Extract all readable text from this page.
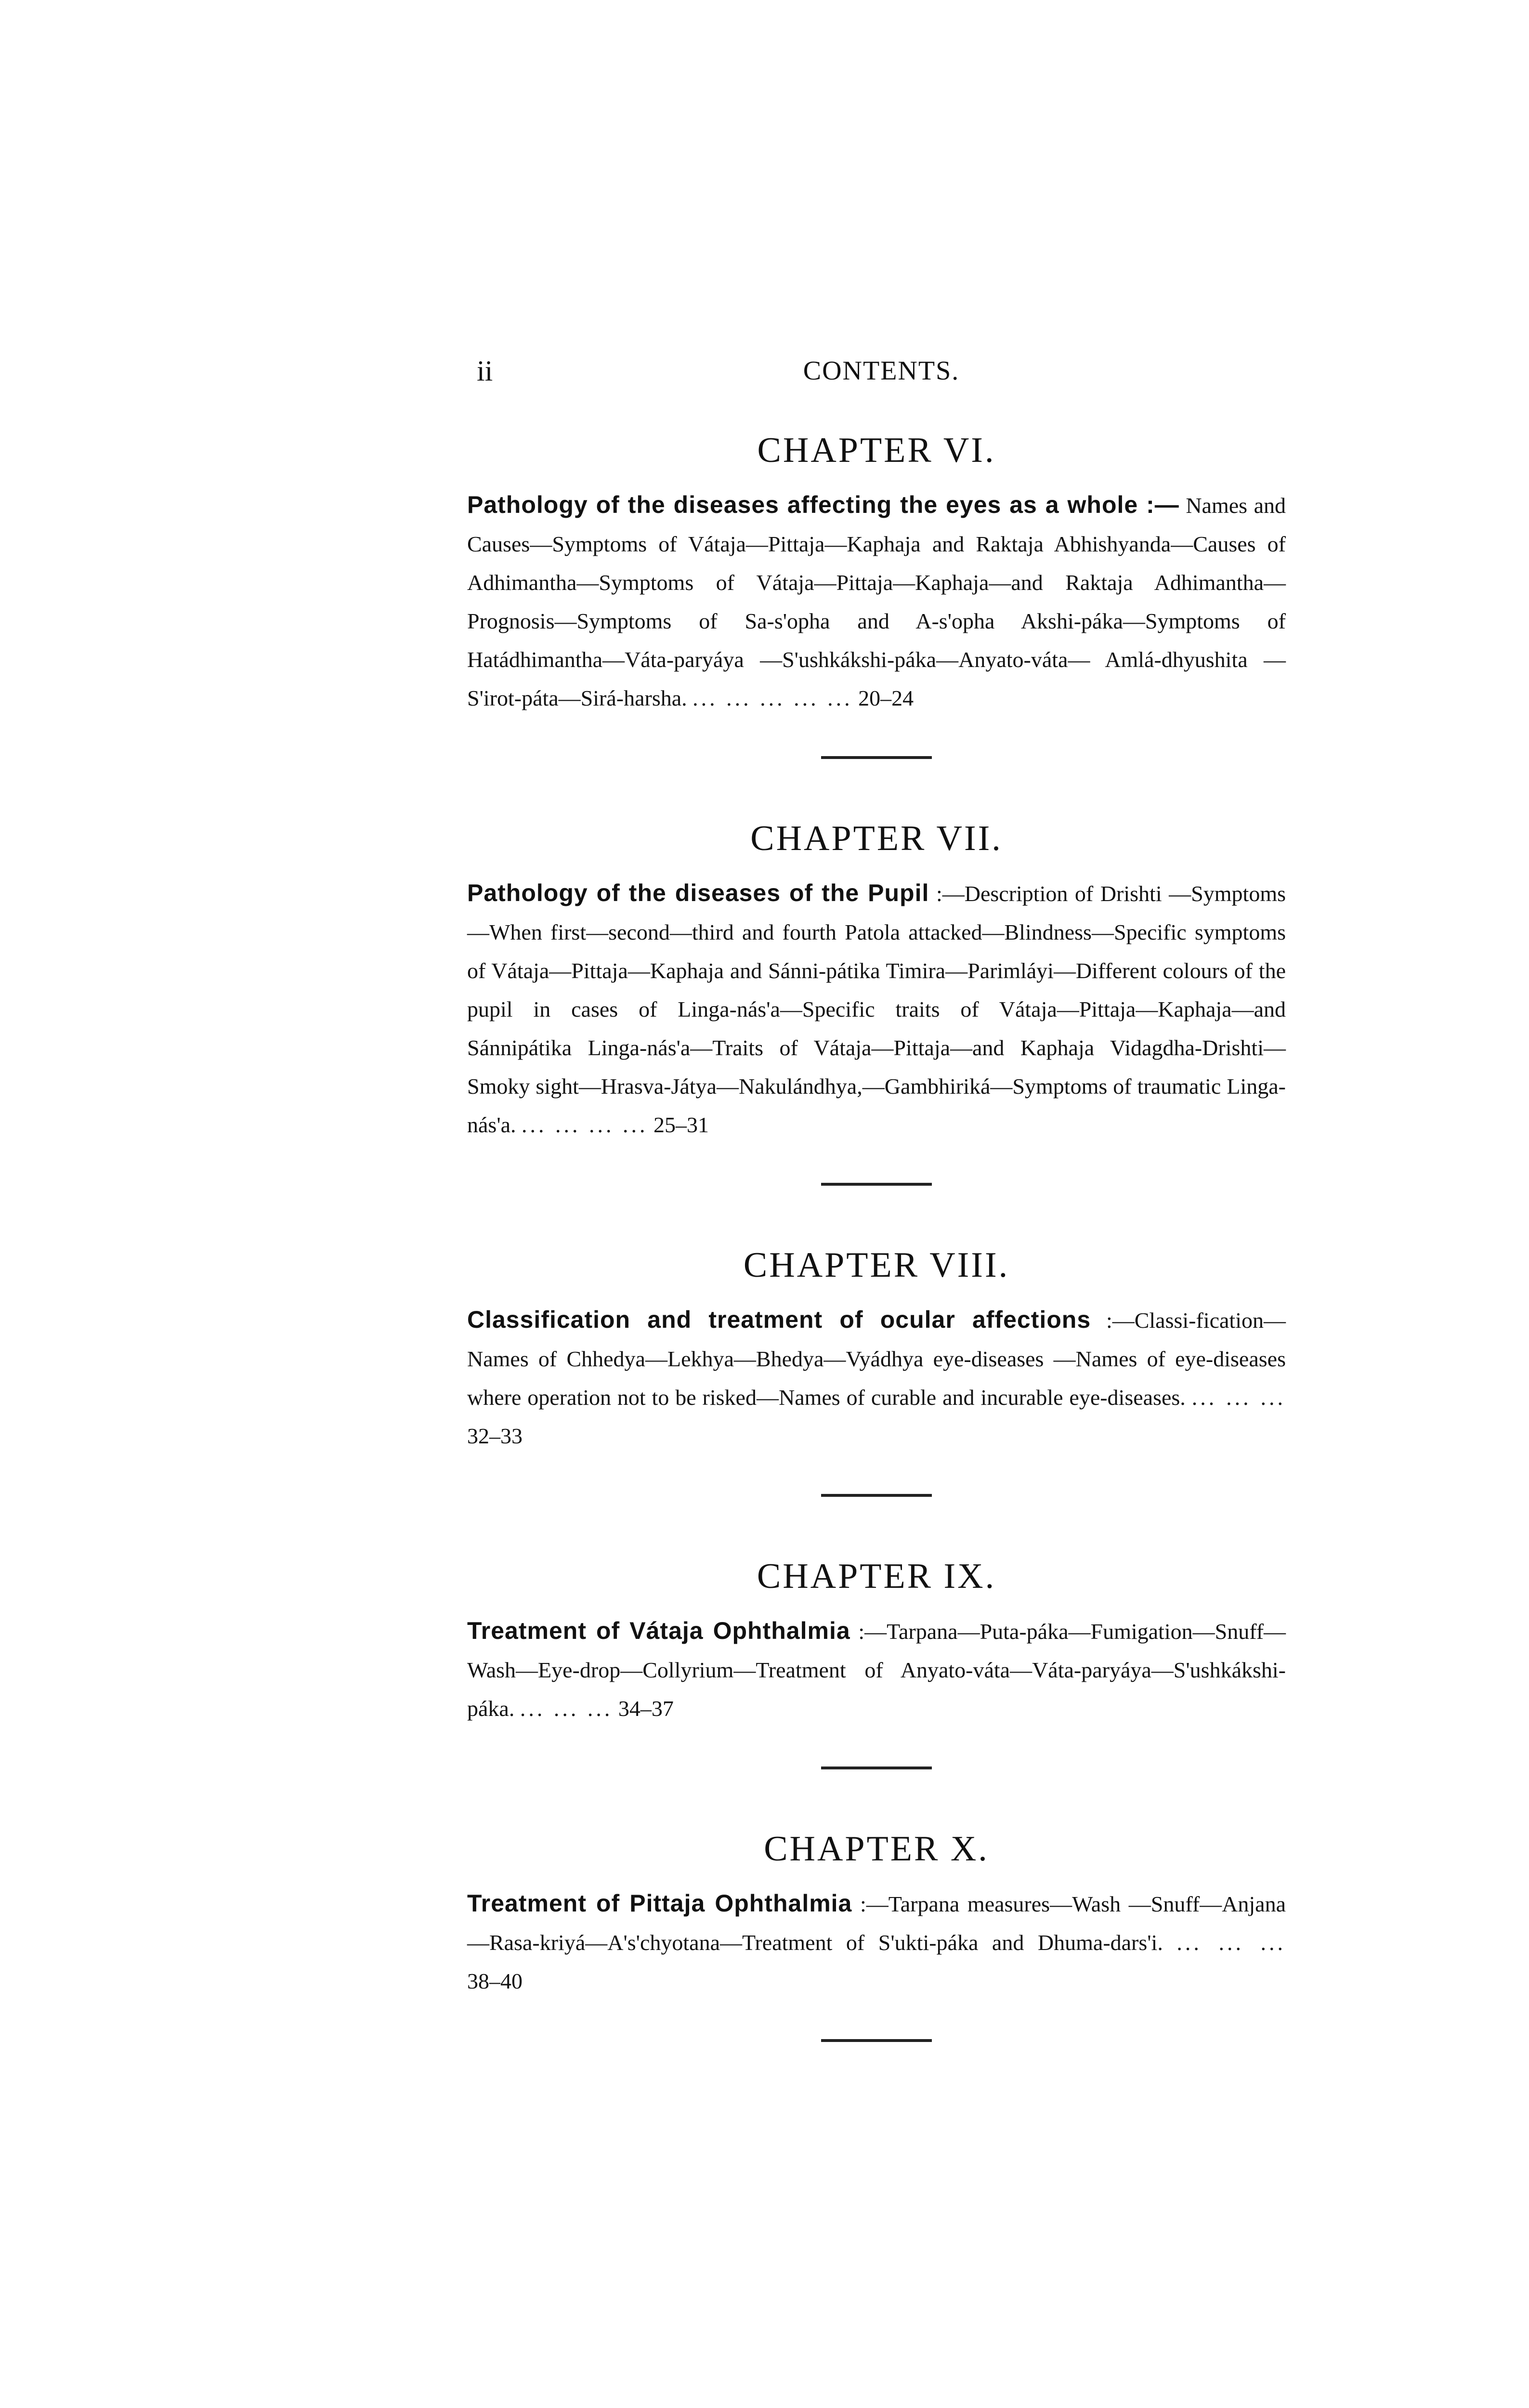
ii	CONTENTS.
CHAPTER VI.

Pathology of the diseases affecting the eyes as a whole :— Names and Causes—Symptoms of Vátaja—Pittaja—Kaphaja and Raktaja Abhishyanda—Causes of Adhimantha—Symptoms of Vátaja—Pittaja—Kaphaja—and Raktaja Adhimantha—Prognosis—Symptoms of Sa-s'opha and A-s'opha Akshi-páka—Symptoms of Hatádhimantha—Váta-paryáya —S'ushkákshi-páka—Anyato-váta— Amlá-dhyushita — S'irot-páta—Sirá-harsha. ... ... ... ... ... 20–24

CHAPTER VII.

Pathology of the diseases of the Pupil :—Description of Drishti —Symptoms—When first—second—third and fourth Patola attacked—Blindness—Specific symptoms of Vátaja—Pittaja—Kaphaja and Sánni-pátika Timira—Parimláyi—Different colours of the pupil in cases of Linga-nás'a—Specific traits of Vátaja—Pittaja—Kaphaja—and Sánnipátika Linga-nás'a—Traits of Vátaja—Pittaja—and Kaphaja Vidagdha-Drishti—Smoky sight—Hrasva-Játya—Nakulándhya,—Gambhiriká—Symptoms of traumatic Linga-nás'a. ... ... ... ... 25–31

CHAPTER VIII.

Classification and treatment of ocular affections :—Classi-fication—Names of Chhedya—Lekhya—Bhedya—Vyádhya eye-diseases —Names of eye-diseases where operation not to be risked—Names of curable and incurable eye-diseases. ... ... ... 32–33

CHAPTER IX.

Treatment of Vátaja Ophthalmia :—Tarpana—Puta-páka—Fumigation—Snuff—Wash—Eye-drop—Collyrium—Treatment of Anyato-váta—Váta-paryáya—S'ushkákshi-páka. ... ... ... 34–37

CHAPTER X.

Treatment of Pittaja Ophthalmia :—Tarpana measures—Wash —Snuff—Anjana—Rasa-kriyá—A's'chyotana—Treatment of S'ukti-páka and Dhuma-dars'i. ... ... ... 38–40
